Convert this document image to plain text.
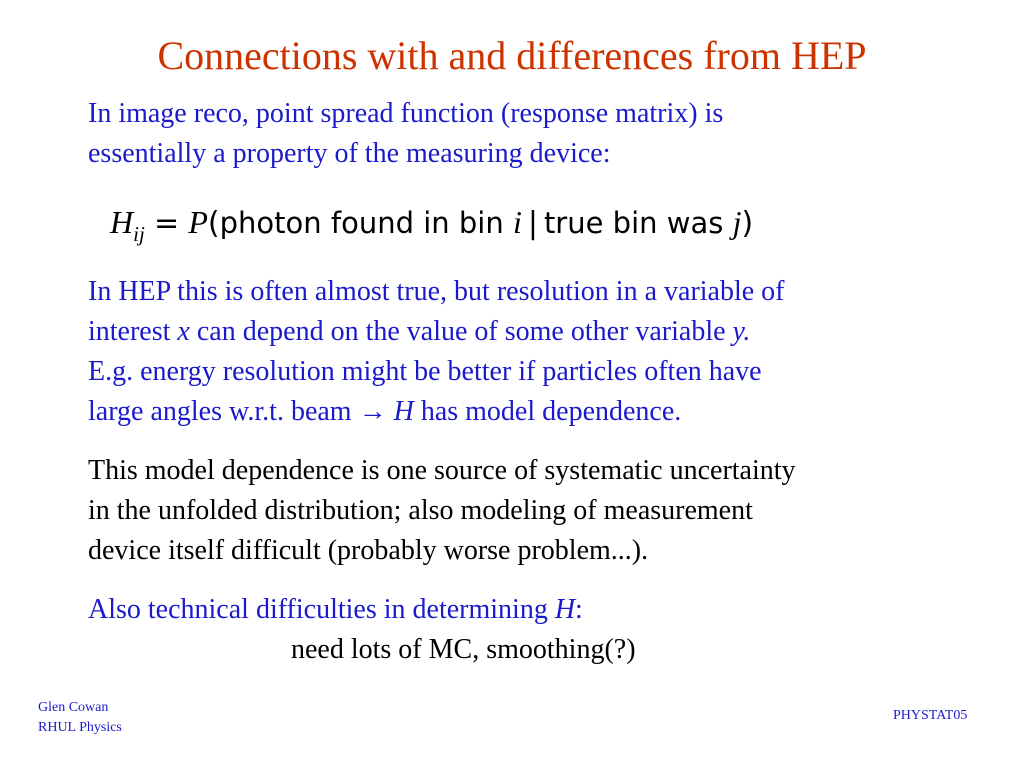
Connections with and differences from HEP
In image reco, point spread function (response matrix) is
essentially a property of the measuring device:
$H_{ij}$ = P(photon found in bin i | true bin was j)
In HEP this is often almost true, but resolution in a variable of
interest x can depend on the value of some other variable y.
E.g. energy resolution might be better if particles often have
large angles w.r.t. beam → H has model dependence.
This model dependence is one source of systematic uncertainty
in the unfolded distribution; also modeling of measurement
device itself difficult (probably worse problem...).
Also technical difficulties in determining H:
need lots of MC, smoothing(?)
Glen Cowan
RHUL Physics
PHYSTAT05
